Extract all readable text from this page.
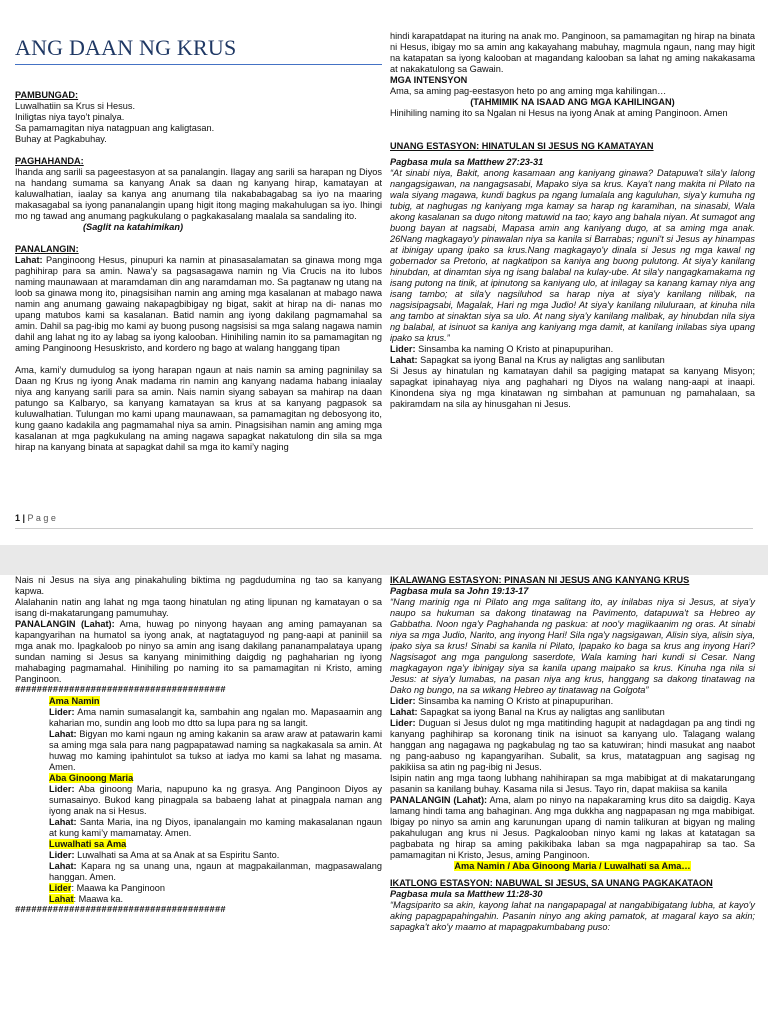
ANG DAAN NG KRUS

PAMBUNGAD:

Luwalhatiin sa Krus si Hesus.

Iniligtas niya tayo’t pinalya.

Sa pamamagitan niya natagpuan ang kaligtasan.

Buhay at Pagkabuhay.

PAGHAHANDA:

Ihanda ang sarili sa pageestasyon at sa panalangin. Ilagay ang sarili sa harapan ng Diyos na handang sumama sa kanyang Anak sa daan ng kanyang hirap, kamatayan at kaluwalhatian, iaalay sa kanya ang anumang tila nakababagabag sa iyo na maaring makasagabal sa iyong pananalangin upang higit itong maging makahulugan sa iyo. Ihingi mo ng tawad ang anumang pagkukulang o pagkakasalang maalala sa sandaling ito.

(Saglit na katahimikan)

PANALANGIN:

Lahat: Panginoong Hesus, pinupuri ka namin at pinasasalamatan sa ginawa mong mga paghihirap para sa amin. Nawa’y sa pagsasagawa namin ng Via Crucis na ito lubos naming maunawaan at maramdaman din ang naramdaman mo. Sa pagtanaw ng utang na loob sa ginawa mong ito, pinagsisihan namin ang aming mga kasalanan at mabago nawa namin ang anumang gawaing nakapagbibigay ng bigat, sakit at hirap na di- nanas mo upang matubos kami sa kasalanan. Batid namin ang iyong dakilang pagmamahal sa amin. Dahil sa pag-ibig mo kami ay buong pusong nagsisisi sa mga salang nagawa namin dahil ang lahat ng ito ay labag sa iyong kalooban. Hinihiling namin ito sa pamamagitan ng aming Panginoong Hesuskristo, and kordero ng bago at walang hanggang tipan

Ama, kami’y dumudulog sa iyong harapan ngaun at nais namin sa aming pagninilay sa Daan ng Krus ng iyong Anak madama rin namin ang kanyang nadama habang iniaalay niya ang kanyang sarili para sa amin. Nais namin siyang sabayan sa mahirap na daan patungo sa Kalbaryo, sa kanyang kamatayan sa krus at sa kanyang pagpasok sa kuluwalhatian. Tulungan mo kami upang maunawaan, sa pamamagitan ng debosyong ito, kung gaano kadakila ang pagmamahal niya sa amin. Pinagsisihan namin ang aming mga kasalanan at mga pagkukulang na aming nagawa sapagkat nakatulong din sila sa mga hirap na kanyang binata at sapagkat dahil sa mga ito kami’y naging

hindi karapatdapat na ituring na anak mo. Panginoon, sa pamamagitan ng hirap na binata ni Hesus, ibigay mo sa amin ang kakayahang mabuhay, magmula ngaun, nang may higit na katapatan sa iyong kalooban at magandang kalooban sa lahat ng aming nakakasama at nakakatulong sa Gawain.

MGA INTENSYON

Ama, sa aming pag-eestasyon heto po ang aming mga kahilingan…

(TAHMIMIK NA ISAAD ANG MGA KAHILINGAN)

Hinihiling naming ito sa Ngalan ni Hesus na iyong Anak at aming Panginoon. Amen

UNANG ESTASYON: HINATULAN SI JESUS NG KAMATAYAN

Pagbasa mula sa Matthew 27:23-31

“At sinabi niya, Bakit, anong kasamaan ang kaniyang ginawa? Datapuwa't sila'y lalong nangagsigawan, na nangagsasabi, Mapako siya sa krus. Kaya't nang makita ni Pilato na wala siyang magawa, kundi bagkus pa ngang lumalala ang kaguluhan, siya'y kumuha ng tubig, at naghugas ng kaniyang mga kamay sa harap ng karamihan, na sinasabi, Wala akong kasalanan sa dugo nitong matuwid na tao; kayo ang bahala niyan. At sumagot ang buong bayan at nagsabi, Mapasa amin ang kaniyang dugo, at sa aming mga anak. 26Nang magkagayo'y pinawalan niya sa kanila si Barrabas; nguni't si Jesus ay hinampas at ibinigay upang ipako sa krus.Nang magkagayo'y dinala si Jesus ng mga kawal ng gobernador sa Pretorio, at nagkatipon sa kaniya ang buong pulutong. At siya'y kanilang hinubdan, at dinamtan siya ng isang balabal na kulay-ube. At sila'y nangagkamakama ng isang putong na tinik, at ipinutong sa kaniyang ulo, at inilagay sa kanang kamay niya ang isang tambo; at sila'y nagsiluhod sa harap niya at siya'y kanilang nilibak, na nagsisipagsabi, Magalak, Hari ng mga Judio! At siya'y kanilang niluluraan, at kinuha nila ang tambo at sinaktan siya sa ulo. At nang siya'y kanilang malibak, ay hinubdan nila siya ng balabal, at isinuot sa kaniya ang kaniyang mga damit, at kanilang inilabas siya upang ipako sa krus.”

Lider: Sinsamba ka naming O Kristo at pinapupurihan.

Lahat: Sapagkat sa iyong Banal na Krus ay naligtas ang sanlibutan

Si Jesus ay hinatulan ng kamatayan dahil sa pagiging matapat sa kanyang Misyon; sapagkat ipinahayag niya ang paghahari ng Diyos na walang nang-aapi at inaapi. Kinondena siya ng mga kinatawan ng simbahan at pamunuan ng pamahalaan, sa pakiramdam na sila ay hinusgahan ni Jesus.

1 | P a g e

Nais ni Jesus na siya ang pinakahuling biktima ng pagdudumina ng tao sa kanyang kapwa.

Alalahanin natin ang lahat ng mga taong hinatulan ng ating lipunan ng kamatayan o sa isang di-makatarungang pamumuhay.

PANALANGIN (Lahat): Ama, huwag po ninyong hayaan ang aming pamayanan sa kapangyarihan na humatol sa iyong anak, at nagtataguyod ng pang-aapi at paniniil sa mga anak mo. Ipagkaloob po ninyo sa amin ang isang dakilang pananampalataya upang sundan naming si Jesus sa kanyang minimithing daigdig ng paghaharian ng iyong mahabaging pagmamahal. Hinihiling po naming ito sa pamamagitan ni Kristo, aming Panginoon.

#######################################

Ama Namin

Lider: Ama namin sumasalangit ka, sambahin ang ngalan mo. Mapasaamin ang kaharian mo, sundin ang loob mo dtto sa lupa para ng sa langit.

Lahat: Bigyan mo kami ngaun ng aming kakanin sa araw araw at patawarin kami sa aming mga sala para nang pagpapatawad naming sa nagkakasala sa amin. At huwag mo kaming ipahintulot sa tukso at iadya mo kami sa lahat ng masama. Amen.

Aba Ginoong Maria

Lider: Aba ginoong Maria, napupuno ka ng grasya. Ang Panginoon Diyos ay sumasainyo. Bukod kang pinagpala sa babaeng lahat at pinagpala naman ang iyong anak na si Hesus.

Lahat: Santa Maria, ina ng Diyos, ipanalangain mo kaming makasalanan ngaun at kung kami’y mamamatay. Amen.

Luwalhati sa Ama

Lider: Luwalhati sa Ama at sa Anak at sa Espiritu Santo.

Lahat: Kapara ng sa unang una, ngaun at magpakailanman, magpasawalang hanggan. Amen.

Lider: Maawa ka Panginoon

Lahat: Maawa ka.

#######################################

IKALAWANG ESTASYON: PINASAN NI JESUS ANG KANYANG KRUS

Pagbasa mula sa John 19:13-17

“Nang marinig nga ni Pilato ang mga salitang ito, ay inilabas niya si Jesus, at siya'y naupo sa hukuman sa dakong tinatawag na Pavimento, datapuwa't sa Hebreo ay Gabbatha. Noon nga'y Paghahanda ng paskua: at noo'y magiikaanim ng oras. At sinabi niya sa mga Judio, Narito, ang inyong Hari! Sila nga'y nagsigawan, Alisin siya, alisin siya, ipako siya sa krus! Sinabi sa kanila ni Pilato, Ipapako ko baga sa krus ang inyong Hari? Nagsisagot ang mga pangulong saserdote, Wala kaming hari kundi si Cesar. Nang magkagayon nga'y ibinigay siya sa kanila upang maipako sa krus. Kinuha nga nila si Jesus: at siya'y lumabas, na pasan niya ang krus, hanggang sa dakong tinatawag na Dako ng bungo, na sa wikang Hebreo ay tinatawag na Golgota”

Lider: Sinsamba ka naming O Kristo at pinapupurihan.

Lahat: Sapagkat sa iyong Banal na Krus ay naligtas ang sanlibutan

Lider: Duguan si Jesus dulot ng mga matitinding hagupit at nadagdagan pa ang tindi ng kanyang paghihirap sa koronang tinik na isinuot sa kanyang ulo. Talagang walang hanggan ang nagagawa ng pagkabulag ng tao sa katuwiran; hindi masukat ang naabot ng pang-aabuso ng kapangyarihan. Subalit, sa krus, matatagpuan ang sagisag ng pakikiisa sa atin ng pag-ibig ni Jesus.

Isipin natin ang mga taong lubhang nahihirapan sa mga mabibigat at di makatarungang pasanin sa kanilang buhay. Kasama nila si Jesus. Tayo rin, dapat makiisa sa kanila

PANALANGIN (Lahat): Ama, alam po ninyo na napakaraming krus dito sa daigdig. Kaya lamang hindi tama ang bahaginan. Ang mga dukkha ang nagpapasan ng mga mabibigat. Ibigay po ninyo sa amin ang karunungan upang di namin talikuran at bigyan ng maling pakahulugan ang krus ni Jesus. Pagkalooban ninyo kami ng lakas at katatagan sa pagbabata ng hirap sa aming pakikibaka laban sa mga nagpapahirap sa tao. Sa pamamagitan ni Kristo, Jesus, aming Panginoon.

Ama Namin / Aba Ginoong Maria / Luwalhati sa Ama…

IKATLONG ESTASYON: NABUWAL SI JESUS, SA UNANG PAGKAKATAON

Pagbasa mula sa Matthew 11:28-30

“Magsiparito sa akin, kayong lahat na nangapapagal at nangabibigatang lubha, at kayo'y aking papagpapahingahin. Pasanin ninyo ang aking pamatok, at magaral kayo sa akin; sapagka't ako'y maamo at mapagpakumbabang puso:
